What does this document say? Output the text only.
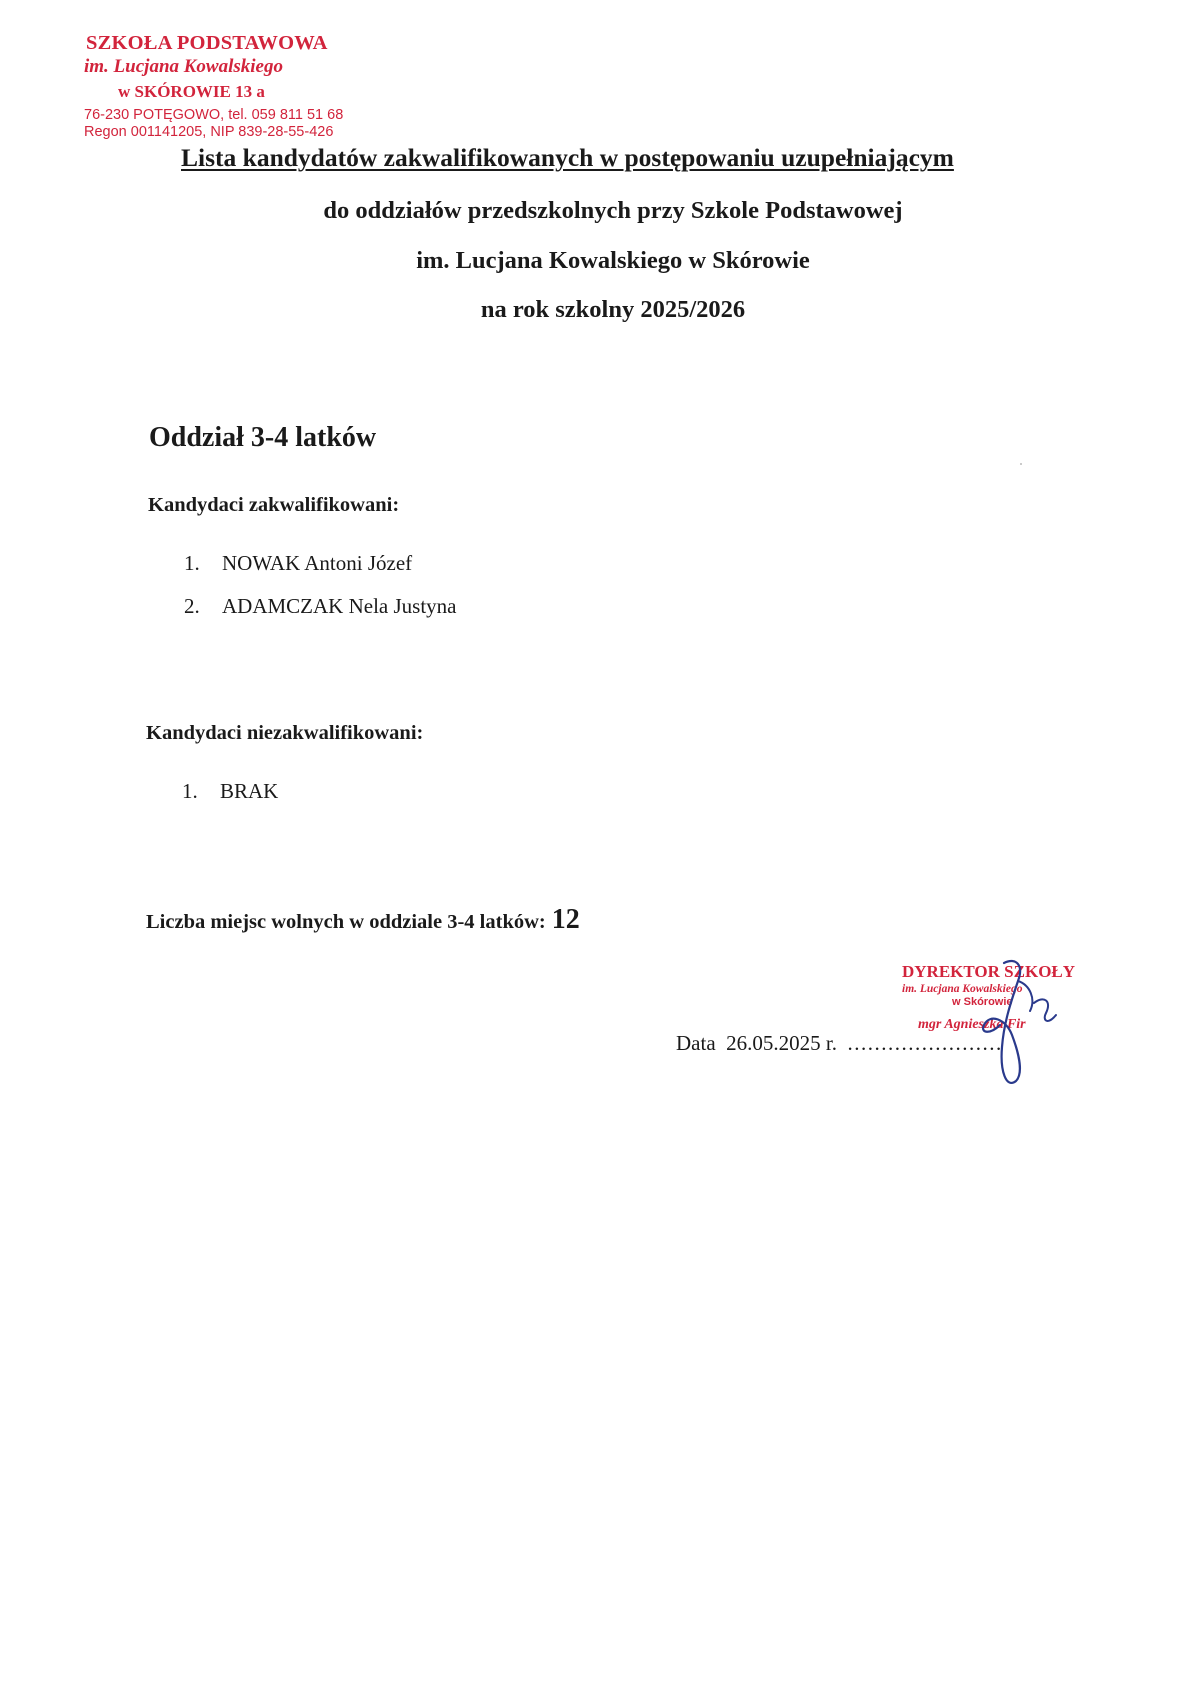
SZKOŁA PODSTAWOWA
im. Lucjana Kowalskiego
w SKÓROWIE 13 a
76-230 POTĘGOWO, tel. 059 811 51 68
Regon 001141205, NIP 839-28-55-426
Lista kandydatów zakwalifikowanych w postępowaniu uzupełniającym
do oddziałów przedszkolnych przy Szkole Podstawowej
im. Lucjana Kowalskiego w Skórowie
na rok szkolny 2025/2026
Oddział 3-4 latków
Kandydaci zakwalifikowani:
1. NOWAK Antoni Józef
2. ADAMCZAK Nela Justyna
Kandydaci niezakwalifikowani:
1. BRAK
Liczba miejsc wolnych w oddziale 3-4 latków: 12
DYREKTOR SZKOŁY
im. Lucjana Kowalskiego
w Skórowie
mgr Agnieszka Fir
Data 26.05.2025 r. .......................
